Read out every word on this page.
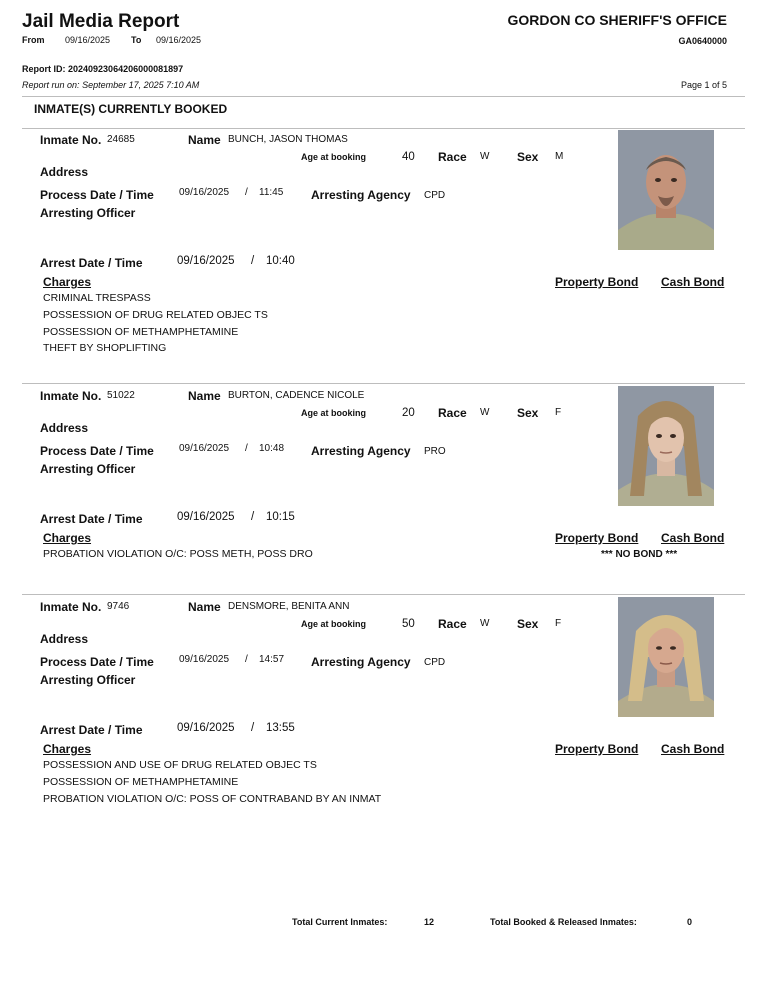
Jail Media Report	GORDON CO SHERIFF'S OFFICE
From 09/16/2025 To 09/16/2025	GA0640000
Report ID: 20240923064206000081897
Report run on: September 17, 2025 7:10 AM	Page 1 of 5
INMATE(S) CURRENTLY BOOKED
Inmate No. 24685	Name BUNCH, JASON THOMAS
Age at booking	40 Race W Sex M
Address
Process Date / Time	09/16/2025 / 11:45 Arresting Agency CPD
Arresting Officer
Arrest Date / Time	09/16/2025 / 10:40
Charges	Property Bond Cash Bond
CRIMINAL TRESPASS
POSSESSION OF DRUG RELATED OBJEC TS
POSSESSION OF METHAMPHETAMINE
THEFT BY SHOPLIFTING
Inmate No. 51022	Name BURTON, CADENCE NICOLE
Age at booking	20 Race W Sex F
Address
Process Date / Time	09/16/2025 / 10:48 Arresting Agency PRO
Arresting Officer
Arrest Date / Time	09/16/2025 / 10:15
Charges	Property Bond Cash Bond
PROBATION VIOLATION O/C: POSS METH, POSS DRO	*** NO BOND ***
Inmate No. 9746	Name DENSMORE, BENITA ANN
Age at booking	50 Race W Sex F
Address
Process Date / Time	09/16/2025 / 14:57 Arresting Agency CPD
Arresting Officer
Arrest Date / Time	09/16/2025 / 13:55
Charges	Property Bond Cash Bond
POSSESSION AND USE OF DRUG RELATED OBJEC TS
POSSESSION OF METHAMPHETAMINE
PROBATION VIOLATION O/C: POSS OF CONTRABAND BY AN INMAT
Total Current Inmates:	12	Total Booked & Released Inmates:	0
